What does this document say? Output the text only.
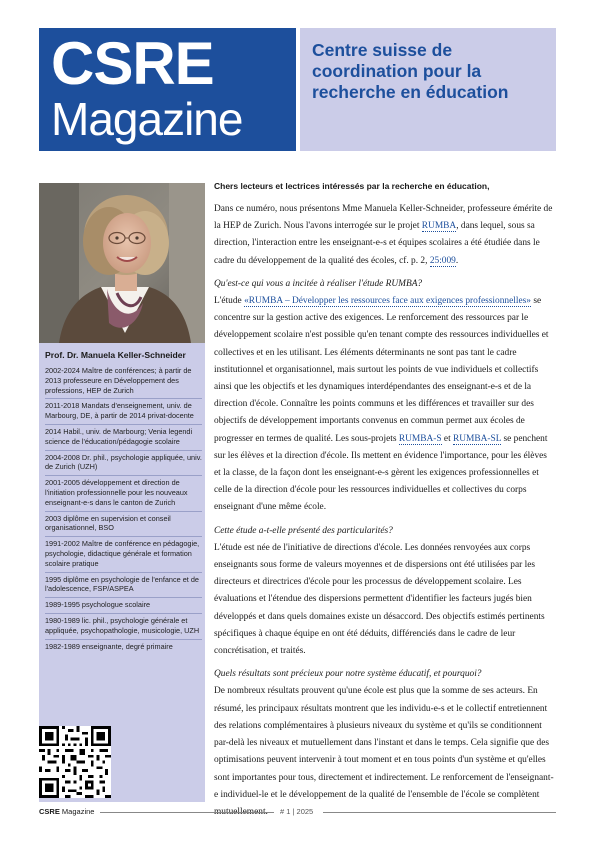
CSRE
Magazine
Centre suisse de coordination pour la recherche en éducation
Prof. Dr. Manuela Keller-Schneider
2002-2024 Maître de conférences; à partir de 2013 professeure en Développement des professions, HEP de Zurich
2011-2018 Mandats d'enseignement, univ. de Marbourg, DE, à partir de 2014 privat-docente
2014 Habil., univ. de Marbourg; Venia legendi science de l'éducation/pédagogie scolaire
2004-2008 Dr. phil., psychologie appliquée, univ. de Zurich (UZH)
2001-2005 développement et direction de l'initiation professionnelle pour les nouveaux enseignant-e-s dans le canton de Zurich
2003 diplôme en supervision et conseil organisationnel, BSO
1991-2002 Maître de conférence en pédagogie, psychologie, didactique générale et formation scolaire pratique
1995 diplôme en psychologie de l'enfance et de l'adolescence, FSP/ASPEA
1989-1995 psychologue scolaire
1980-1989 lic. phil., psychologie générale et appliquée, psychopathologie, musicologie, UZH
1982-1989 enseignante, degré primaire

Chers lecteurs et lectrices intéressés par la recherche en éducation,

Dans ce numéro, nous présentons Mme Manuela Keller-Schneider, professeure émérite de la HEP de Zurich. Nous l'avons interrogée sur le projet RUMBA, dans lequel, sous sa direction, l'interaction entre les enseignant-e-s et équipes scolaires a été étudiée dans le cadre du développement de la qualité des écoles, cf. p. 2, 25:009.

Qu'est-ce qui vous a incitée à réaliser l'étude RUMBA?

L'étude «RUMBA – Développer les ressources face aux exigences professionnelles» se concentre sur la gestion active des exigences. Le renforcement des ressources par le développement scolaire n'est possible qu'en tenant compte des ressources individuelles et collectives et en les utilisant. Les éléments déterminants ne sont pas tant le cadre institutionnel et organisationnel, mais surtout les points de vue individuels et collectifs ainsi que les objectifs et les dynamiques interdépendantes des enseignant-e-s et de la direction d'école. Connaître les points communs et les différences et travailler sur des objectifs de développement importants convenus en commun permet aux écoles de progresser en termes de qualité. Les sous-projets RUMBA-S et RUMBA-SL se penchent sur les élèves et la direction d'école. Ils mettent en évidence l'importance, pour les élèves et la classe, de la façon dont les enseignant-e-s gèrent les exigences professionnelles et celle de la direction d'école pour les ressources individuelles et collectives du corps enseignant d'une même école.

Cette étude a-t-elle présenté des particularités?

L'étude est née de l'initiative de directions d'école. Les données renvoyées aux corps enseignants sous forme de valeurs moyennes et de dispersions ont été utilisées par les directeurs et directrices d'école pour les processus de développement scolaire. Les évaluations et l'étendue des dispersions permettent d'identifier les facteurs jugés bien développés et dans quels domaines existe un désaccord. Des objectifs estimés pertinents spécifiques à chaque équipe en ont été déduits, différenciés dans le cadre de leur concrétisation, et traités.

Quels résultats sont précieux pour notre système éducatif, et pourquoi?

De nombreux résultats prouvent qu'une école est plus que la somme de ses acteurs. En résumé, les principaux résultats montrent que les individu-e-s et le collectif entretiennent des relations complémentaires à plusieurs niveaux du système et qu'ils se conditionnent par-delà les niveaux et mutuellement dans l'instant et dans le temps. Cela signifie que des optimisations peuvent intervenir à tout moment et en tous points d'un système et qu'elles sont importantes pour tous, directement et indirectement. Le renforcement de l'enseignant-e individuel-le et le développement de la qualité de l'ensemble de l'école se complètent mutuellement.

CSRE Magazine	# 1 | 2025
